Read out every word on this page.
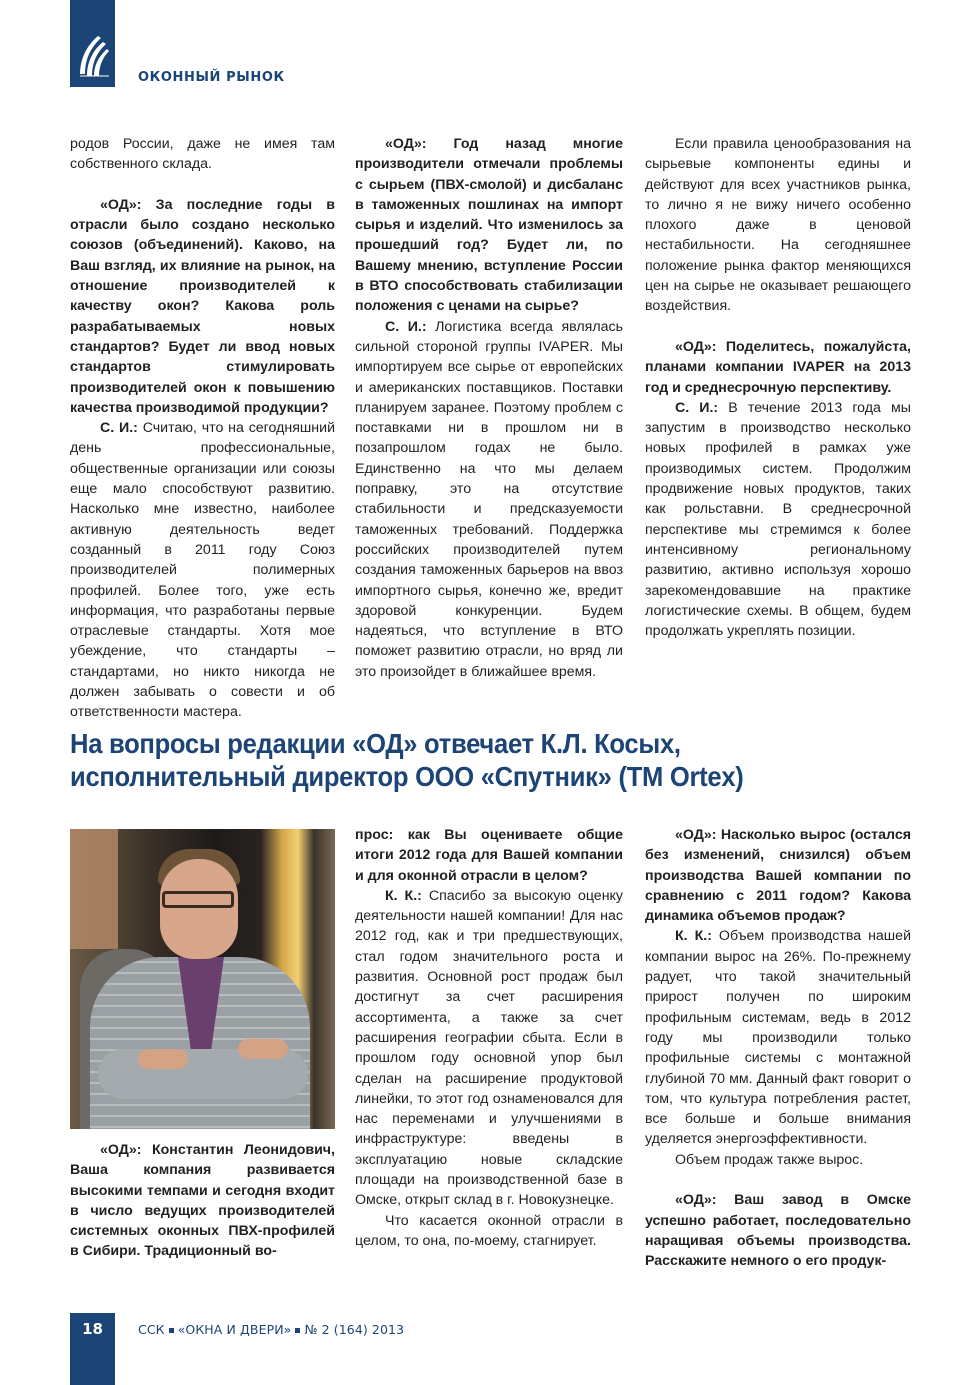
ОКОННЫЙ РЫНОК

родов России, даже не имея там собственного склада.

«ОД»: За последние годы в отрасли было создано несколько союзов (объединений). Каково, на Ваш взгляд, их влияние на рынок, на отношение производителей к качеству окон? Какова роль разрабатываемых новых стандартов? Будет ли ввод новых стандартов стимулировать производителей окон к повышению качества производимой продукции?

С. И.: Считаю, что на сегодняшний день профессиональные, общественные организации или союзы еще мало способствуют развитию. Насколько мне известно, наиболее активную деятельность ведет созданный в 2011 году Союз производителей полимерных профилей. Более того, уже есть информация, что разработаны первые отраслевые стандарты. Хотя мое убеждение, что стандарты – стандартами, но никто никогда не должен забывать о совести и об ответственности мастера.

«ОД»: Год назад многие производители отмечали проблемы с сырьем (ПВХ-смолой) и дисбаланс в таможенных пошлинах на импорт сырья и изделий. Что изменилось за прошедший год? Будет ли, по Вашему мнению, вступление России в ВТО способствовать стабилизации положения с ценами на сырье?

С. И.: Логистика всегда являлась сильной стороной группы IVAPER. Мы импортируем все сырье от европейских и американских поставщиков. Поставки планируем заранее. Поэтому проблем с поставками ни в прошлом ни в позапрошлом годах не было. Единственно на что мы делаем поправку, это на отсутствие стабильности и предсказуемости таможенных требований. Поддержка российских производителей путем создания таможенных барьеров на ввоз импортного сырья, конечно же, вредит здоровой конкуренции. Будем надеяться, что вступление в ВТО поможет развитию отрасли, но вряд ли это произойдет в ближайшее время.

Если правила ценообразования на сырьевые компоненты едины и действуют для всех участников рынка, то лично я не вижу ничего особенно плохого даже в ценовой нестабильности. На сегодняшнее положение рынка фактор меняющихся цен на сырье не оказывает решающего воздействия.

«ОД»: Поделитесь, пожалуйста, планами компании IVAPER на 2013 год и среднесрочную перспективу.

С. И.: В течение 2013 года мы запустим в производство несколько новых профилей в рамках уже производимых систем. Продолжим продвижение новых продуктов, таких как рольставни. В среднесрочной перспективе мы стремимся к более интенсивному региональному развитию, активно используя хорошо зарекомендовавшие на практике логистические схемы. В общем, будем продолжать укреплять позиции.

На вопросы редакции «ОД» отвечает К.Л. Косых,
исполнительный директор ООО «Спутник» (ТМ Ortex)

«ОД»: Константин Леонидович, Ваша компания развивается высокими темпами и сегодня входит в число ведущих производителей системных оконных ПВХ-профилей в Сибири. Традиционный во-

прос: как Вы оцениваете общие итоги 2012 года для Вашей компании и для оконной отрасли в целом?

К. К.: Спасибо за высокую оценку деятельности нашей компании! Для нас 2012 год, как и три предшествующих, стал годом значительного роста и развития. Основной рост продаж был достигнут за счет расширения ассортимента, а также за счет расширения географии сбыта. Если в прошлом году основной упор был сделан на расширение продуктовой линейки, то этот год ознаменовался для нас переменами и улучшениями в инфраструктуре: введены в эксплуатацию новые складские площади на производственной базе в Омске, открыт склад в г. Новокузнецке.

Что касается оконной отрасли в целом, то она, по-моему, стагнирует.

«ОД»: Насколько вырос (остался без изменений, снизился) объем производства Вашей компании по сравнению с 2011 годом? Какова динамика объемов продаж?

К. К.: Объем производства нашей компании вырос на 26%. По-прежнему радует, что такой значительный прирост получен по широким профильным системам, ведь в 2012 году мы производили только профильные системы с монтажной глубиной 70 мм. Данный факт говорит о том, что культура потребления растет, все больше и больше внимания уделяется энергоэффективности.

Объем продаж также вырос.

«ОД»: Ваш завод в Омске успешно работает, последовательно наращивая объемы производства. Расскажите немного о его продук-

18	ССК «ОКНА И ДВЕРИ» № 2 (164) 2013
